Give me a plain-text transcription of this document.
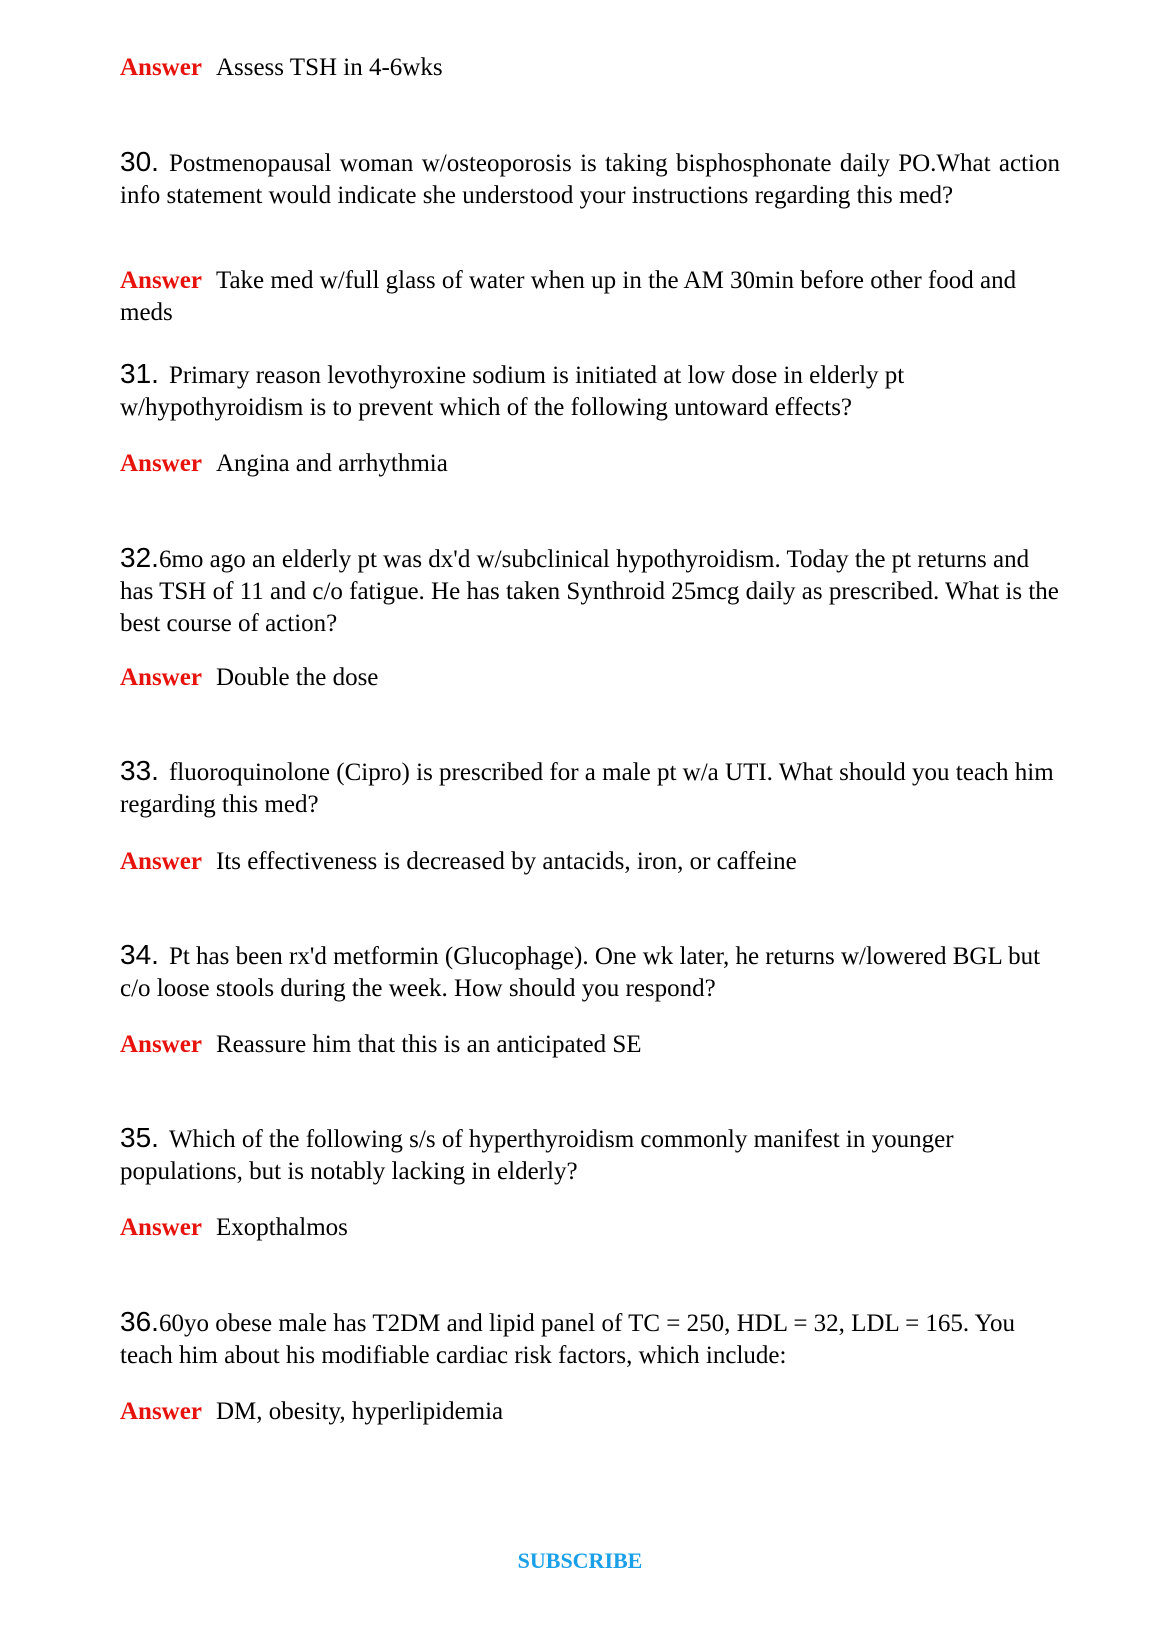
Answer Assess TSH in 4-6wks
30. Postmenopausal woman w/osteoporosis is taking bisphosphonate daily PO.What action info statement would indicate she understood your instructions regarding this med?
Answer Take med w/full glass of water when up in the AM 30min before other food and meds
31. Primary reason levothyroxine sodium is initiated at low dose in elderly pt w/hypothyroidism is to prevent which of the following untoward effects?
Answer Angina and arrhythmia
32.6mo ago an elderly pt was dx'd w/subclinical hypothyroidism. Today the pt returns and has TSH of 11 and c/o fatigue. He has taken Synthroid 25mcg daily as prescribed. What is the best course of action?
Answer Double the dose
33. fluoroquinolone (Cipro) is prescribed for a male pt w/a UTI. What should you teach him regarding this med?
Answer Its effectiveness is decreased by antacids, iron, or caffeine
34. Pt has been rx'd metformin (Glucophage). One wk later, he returns w/lowered BGL but c/o loose stools during the week. How should you respond?
Answer Reassure him that this is an anticipated SE
35. Which of the following s/s of hyperthyroidism commonly manifest in younger populations, but is notably lacking in elderly?
Answer Exopthalmos
36.60yo obese male has T2DM and lipid panel of TC = 250, HDL = 32, LDL = 165. You teach him about his modifiable cardiac risk factors, which include:
Answer DM, obesity, hyperlipidemia
SUBSCRIBE
